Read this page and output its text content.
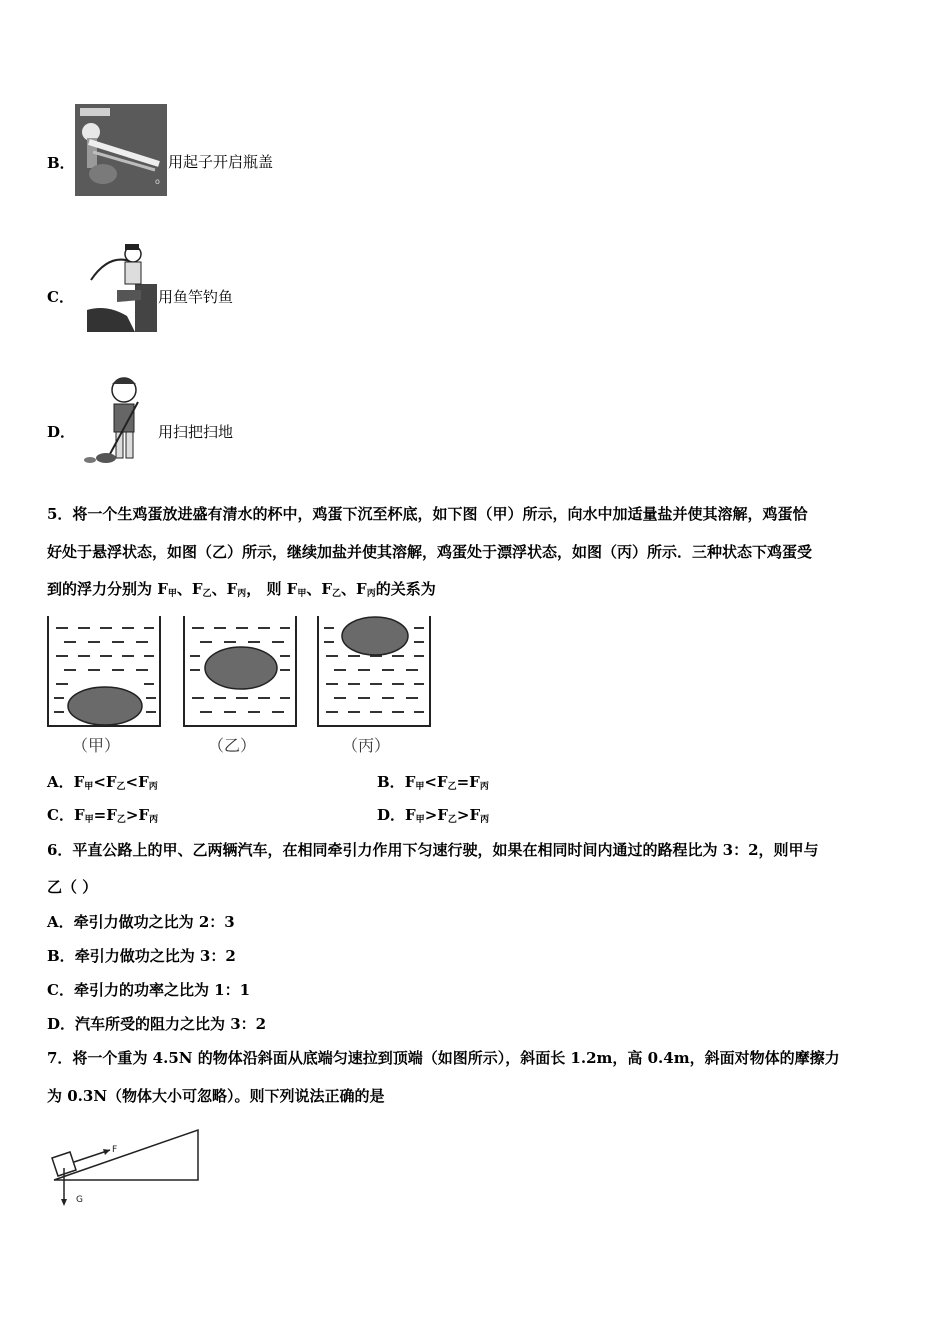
B．
o
用起子开启瓶盖
C．	用鱼竿钓鱼
D．	用扫把扫地
5．将一个生鸡蛋放进盛有清水的杯中，鸡蛋下沉至杯底，如下图（甲）所示，向水中加适量盐并使其溶解，鸡蛋恰
好处于悬浮状态，如图（乙）所示，继续加盐并使其溶解，鸡蛋处于漂浮状态，如图（丙）所示．三种状态下鸡蛋受
到的浮力分别为 $F_甲$、$F_乙$、$F_丙$， 则 $F_甲$、$F_乙$、$F_丙$的关系为
（甲）	（乙）	（丙）
A．$F_甲<F_乙<F_丙$	B．$F_甲<F_乙=F_丙$
C．$F_甲=F_乙>F_丙$	D．$F_甲>F_乙>F_丙$
6．平直公路上的甲、乙两辆汽车，在相同牵引力作用下匀速行驶，如果在相同时间内通过的路程比为 3：2，则甲与
乙（ ）
A．牵引力做功之比为 2：3
B．牵引力做功之比为 3：2
C．牵引力的功率之比为 1：1
D．汽车所受的阻力之比为 3：2
7．将一个重为 4.5N 的物体沿斜面从底端匀速拉到顶端（如图所示），斜面长 1.2m，高 0.4m，斜面对物体的摩擦力
为 0.3N（物体大小可忽略）。则下列说法正确的是
F
G
